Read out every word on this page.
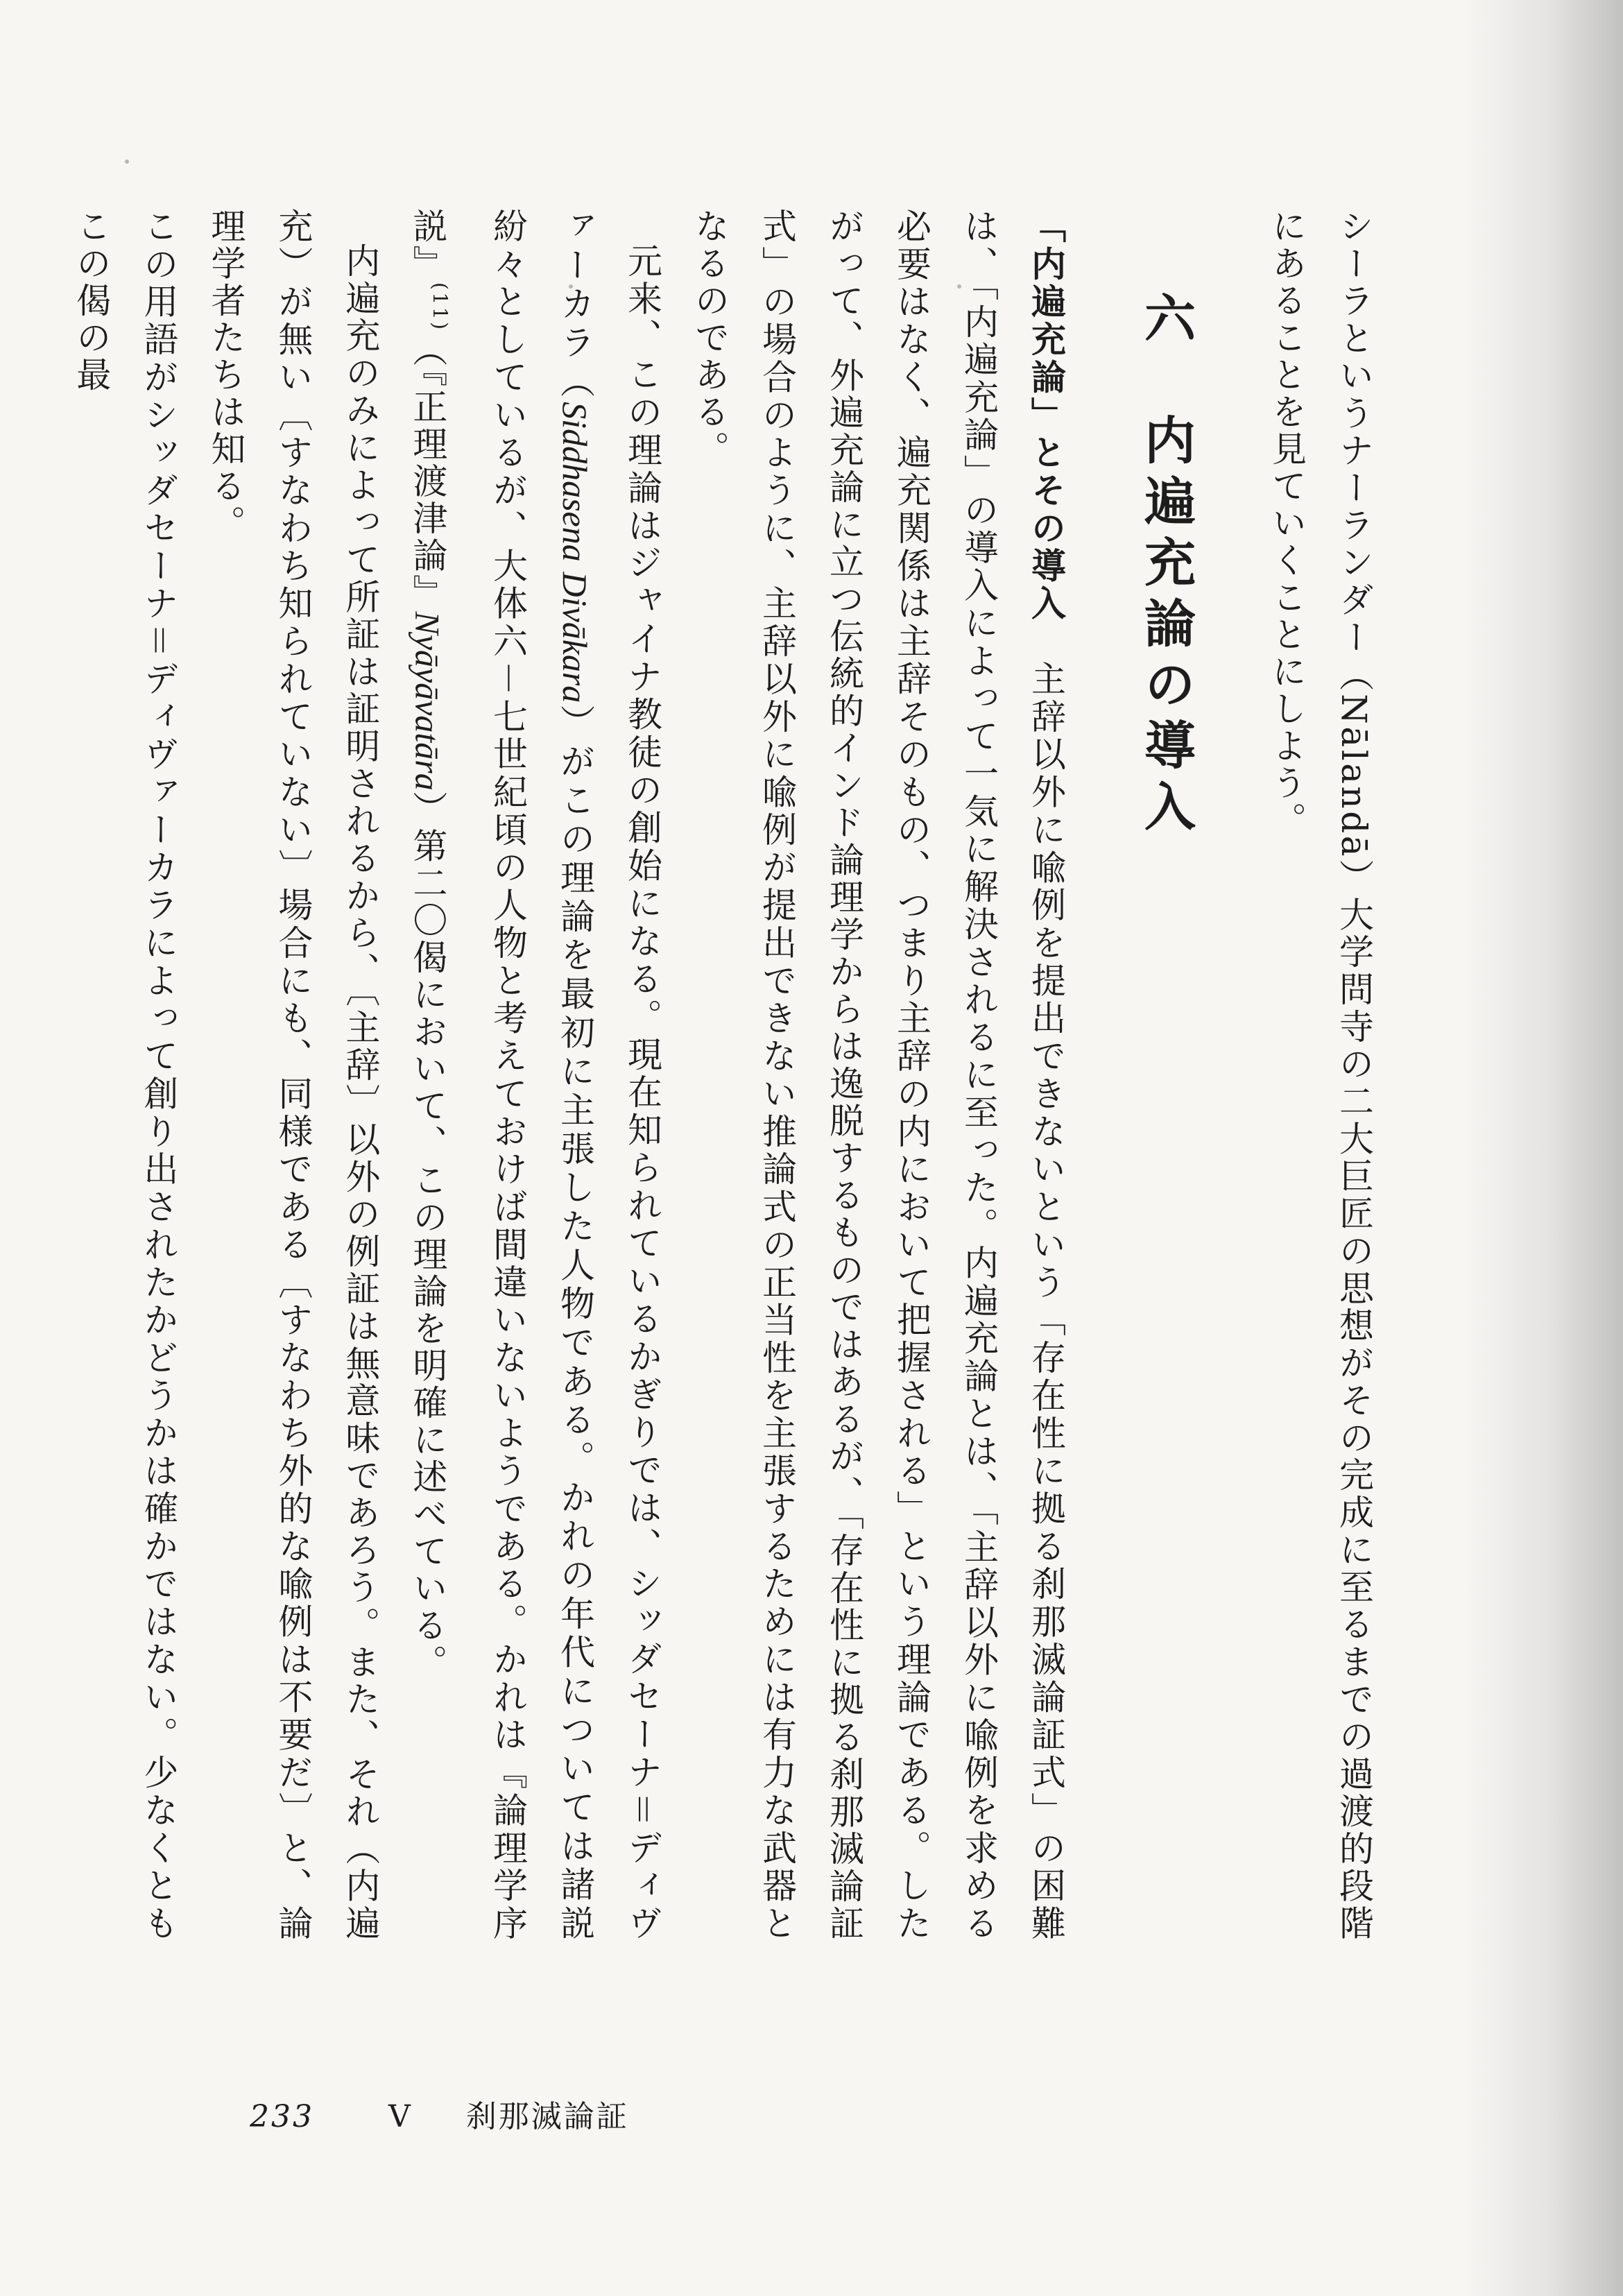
シーラというナーランダー（Nālandā）大学問寺の二大巨匠の思想がその完成に至るまでの過渡的段階にあることを見ていくことにしよう。

六　内遍充論の導入

「内遍充論」とその導入　主辞以外に喩例を提出できないという「存在性に拠る刹那滅論証式」の困難は、「内遍充論」の導入によって一気に解決されるに至った。内遍充論とは、「主辞以外に喩例を求める必要はなく、遍充関係は主辞そのもの、つまり主辞の内において把握される」という理論である。したがって、外遍充論に立つ伝統的インド論理学からは逸脱するものではあるが、「存在性に拠る刹那滅論証式」の場合のように、主辞以外に喩例が提出できない推論式の正当性を主張するためには有力な武器となるのである。

元来、この理論はジャイナ教徒の創始になる。現在知られているかぎりでは、シッダセーナ＝ディヴァーカラ（Siddhasena Divākara）がこの理論を最初に主張した人物である。かれの年代については諸説紛々としているが、大体六－七世紀頃の人物と考えておけば間違いないようである。かれは『論理学序説』$^{(11)}$（『正理渡津論』Nyāyāvatāra）第二〇偈において、この理論を明確に述べている。

内遍充のみによって所証は証明されるから、〔主辞〕以外の例証は無意味であろう。また、それ（内遍充）が無い〔すなわち知られていない〕場合にも、同様である〔すなわち外的な喩例は不要だ〕と、論理学者たちは知る。

この用語がシッダセーナ＝ディヴァーカラによって創り出されたかどうかは確かではない。少なくともこの偈の最

233 V 刹那滅論証
